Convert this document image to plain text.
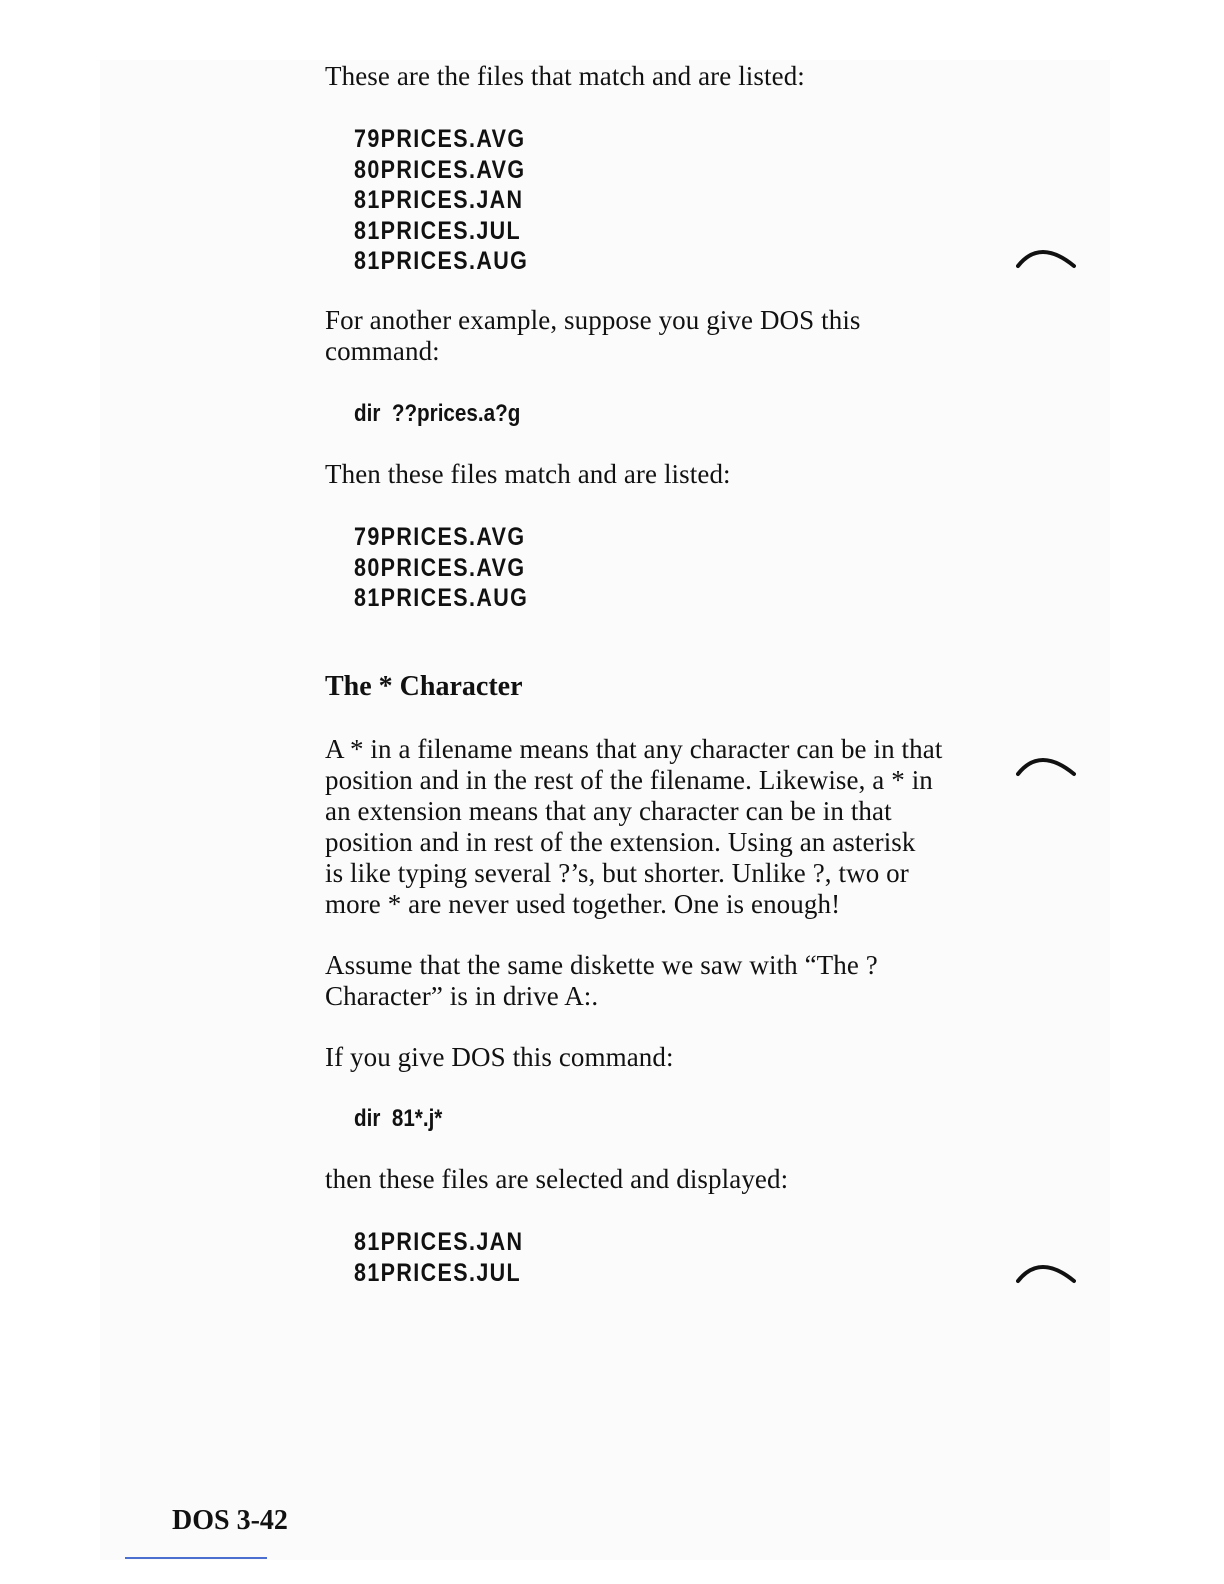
These are the files that match and are listed:
79PRICES.AVG
80PRICES.AVG
81PRICES.JAN
81PRICES.JUL
81PRICES.AUG
For another example, suppose you give DOS this
command:
dir  ??prices.a?g
Then these files match and are listed:
79PRICES.AVG
80PRICES.AVG
81PRICES.AUG
The * Character
A * in a filename means that any character can be in that
position and in the rest of the filename. Likewise, a * in
an extension means that any character can be in that
position and in rest of the extension. Using an asterisk
is like typing several ?’s, but shorter. Unlike ?, two or
more * are never used together. One is enough!
Assume that the same diskette we saw with “The ?
Character” is in drive A:.
If you give DOS this command:
dir  81*.j*
then these files are selected and displayed:
81PRICES.JAN
81PRICES.JUL
DOS 3-42
